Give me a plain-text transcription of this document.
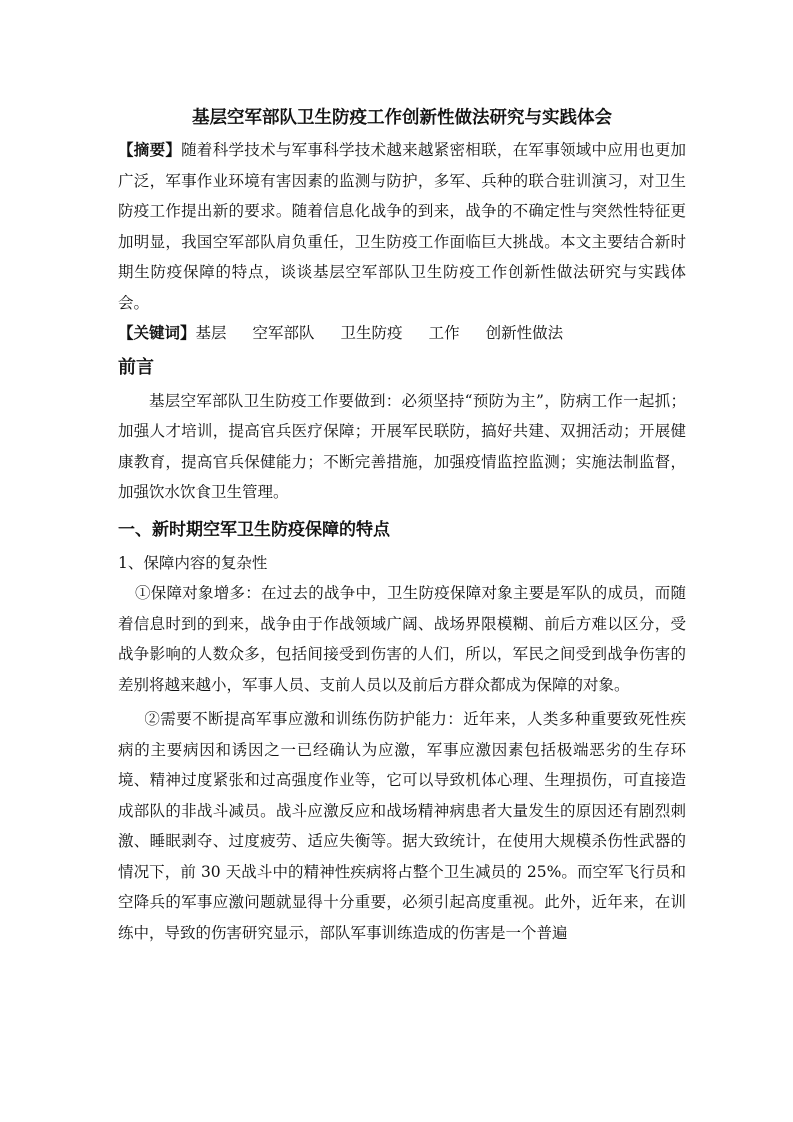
基层空军部队卫生防疫工作创新性做法研究与实践体会

【摘要】随着科学技术与军事科学技术越来越紧密相联，在军事领域中应用也更加广泛，军事作业环境有害因素的监测与防护，多军、兵种的联合驻训演习，对卫生防疫工作提出新的要求。随着信息化战争的到来，战争的不确定性与突然性特征更加明显，我国空军部队肩负重任，卫生防疫工作面临巨大挑战。本文主要结合新时期生防疫保障的特点，谈谈基层空军部队卫生防疫工作创新性做法研究与实践体会。

【关键词】基层 空军部队 卫生防疫 工作 创新性做法

前言

基层空军部队卫生防疫工作要做到：必须坚持“预防为主”，防病工作一起抓；加强人才培训，提高官兵医疗保障；开展军民联防，搞好共建、双拥活动；开展健康教育，提高官兵保健能力；不断完善措施，加强疫情监控监测；实施法制监督，加强饮水饮食卫生管理。

一、新时期空军卫生防疫保障的特点

1、保障内容的复杂性

①保障对象增多：在过去的战争中，卫生防疫保障对象主要是军队的成员，而随着信息时到的到来，战争由于作战领域广阔、战场界限模糊、前后方难以区分，受战争影响的人数众多，包括间接受到伤害的人们，所以，军民之间受到战争伤害的差别将越来越小，军事人员、支前人员以及前后方群众都成为保障的对象。

②需要不断提高军事应激和训练伤防护能力：近年来，人类多种重要致死性疾病的主要病因和诱因之一已经确认为应激，军事应激因素包括极端恶劣的生存环境、精神过度紧张和过高强度作业等，它可以导致机体心理、生理损伤，可直接造成部队的非战斗减员。战斗应激反应和战场精神病患者大量发生的原因还有剧烈刺激、睡眠剥夺、过度疲劳、适应失衡等。据大致统计，在使用大规模杀伤性武器的情况下，前 30 天战斗中的精神性疾病将占整个卫生减员的 25%。而空军飞行员和空降兵的军事应激问题就显得十分重要，必须引起高度重视。此外，近年来，在训练中，导致的伤害研究显示，部队军事训练造成的伤害是一个普遍
